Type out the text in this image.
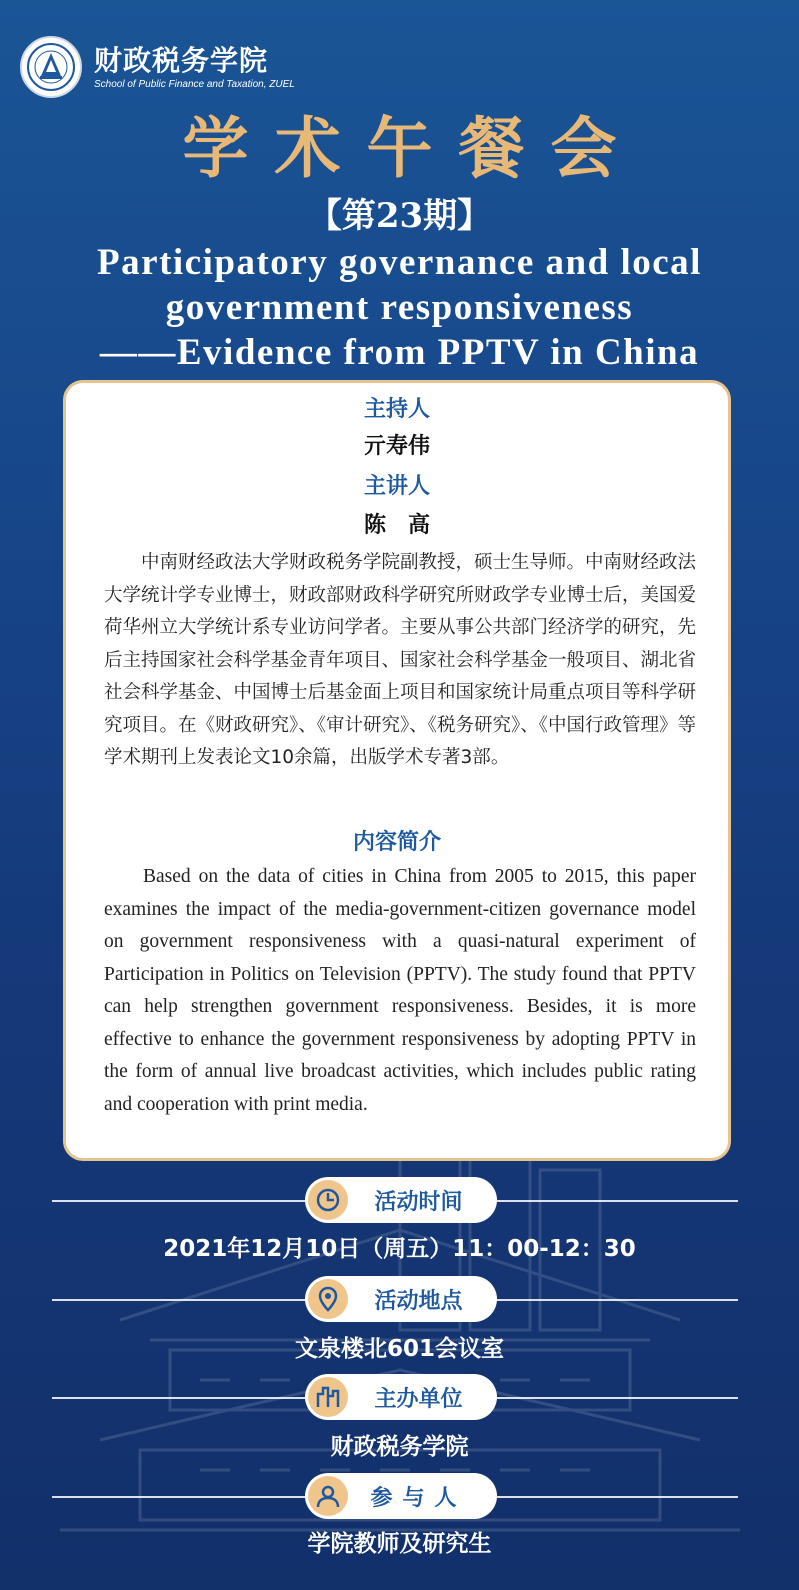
财政税务学院
School of Public Finance and Taxation, ZUEL
学术午餐会
【第23期】
Participatory governance and local
government responsiveness
——Evidence from PPTV in China
主持人
亓寿伟
主讲人
陈高

中南财经政法大学财政税务学院副教授，硕士生导师。中南财经政法大学统计学专业博士，财政部财政科学研究所财政学专业博士后，美国爱荷华州立大学统计系专业访问学者。主要从事公共部门经济学的研究，先后主持国家社会科学基金青年项目、国家社会科学基金一般项目、湖北省社会科学基金、中国博士后基金面上项目和国家统计局重点项目等科学研究项目。在《财政研究》、《审计研究》、《税务研究》、《中国行政管理》等学术期刊上发表论文10余篇，出版学术专著3部。

内容简介

Based on the data of cities in China from 2005 to 2015, this paper examines the impact of the media-government-citizen governance model on government responsiveness with a quasi-natural experiment of Participation in Politics on Television (PPTV). The study found that PPTV can help strengthen government responsiveness. Besides, it is more effective to enhance the government responsiveness by adopting PPTV in the form of annual live broadcast activities, which includes public rating and cooperation with print media.

活动时间
2021年12月10日（周五）11：00-12：30
活动地点
文泉楼北601会议室
主办单位
财政税务学院
参与人
学院教师及研究生
